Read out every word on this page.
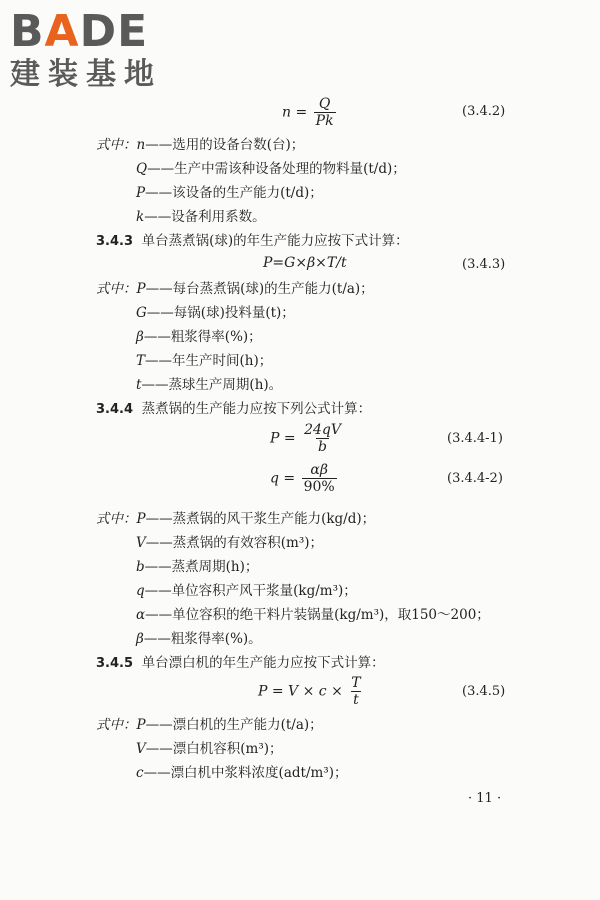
BADE
建装基地
$n = \frac{Q}{Pk}$	(3.4.2)
式中：n——选用的设备台数(台)；
Q——生产中需该种设备处理的物料量(t/d)；
P——该设备的生产能力(t/d)；
k——设备利用系数。
3.4.3 单台蒸煮锅(球)的年生产能力应按下式计算：
P=G×β×T/t	(3.4.3)
式中：P——每台蒸煮锅(球)的生产能力(t/a)；
G——每锅(球)投料量(t)；
β——粗浆得率(%)；
T——年生产时间(h)；
t——蒸球生产周期(h)。
3.4.4 蒸煮锅的生产能力应按下列公式计算：
$P = \frac{24qV}{b}$	(3.4.4-1)
$q = \frac{\alpha\beta}{90\%}$	(3.4.4-2)
式中：P——蒸煮锅的风干浆生产能力(kg/d)；
V——蒸煮锅的有效容积(m³)；
b——蒸煮周期(h)；
q——单位容积产风干浆量(kg/m³)；
α——单位容积的绝干料片装锅量(kg/m³)，取150～200；
β——粗浆得率(%)。
3.4.5 单台漂白机的年生产能力应按下式计算：
$P = V \times c \times \frac{T}{t}$	(3.4.5)
式中：P——漂白机的生产能力(t/a)；
V——漂白机容积(m³)；
c——漂白机中浆料浓度(adt/m³)；
· 11 ·
